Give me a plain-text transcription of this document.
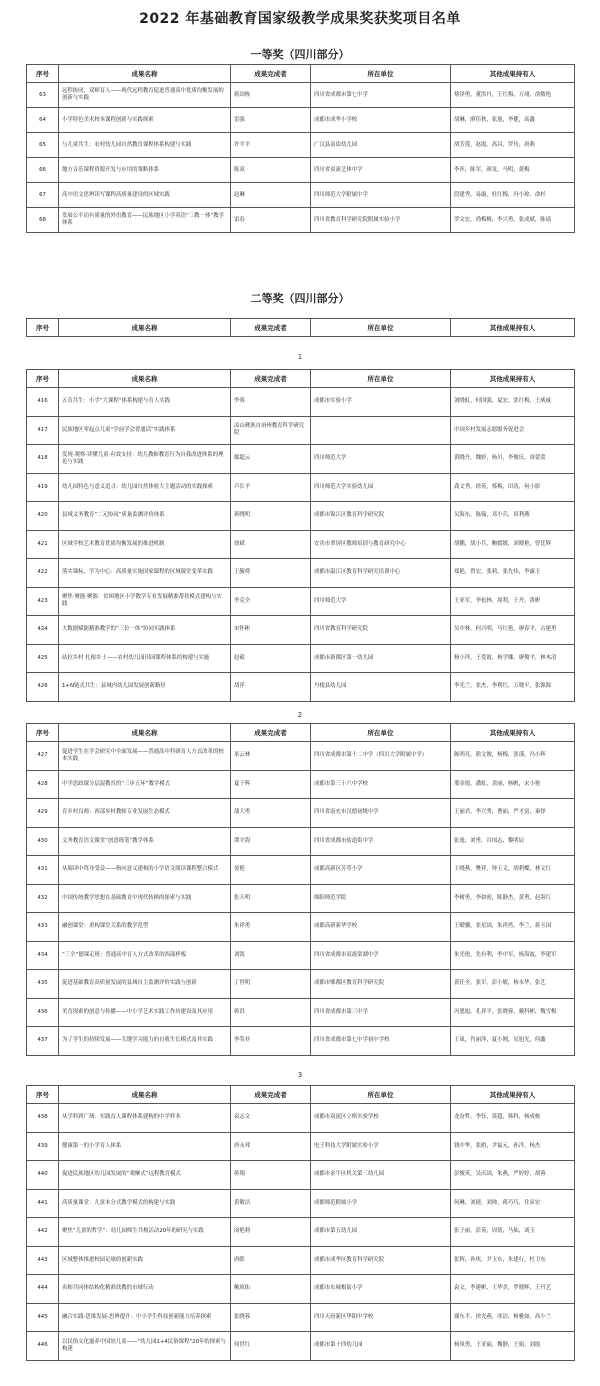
2022 年基础教育国家级教学成果奖获奖项目名单
一等奖（四川部分）
序号	成果名称	成果完成者	所在单位	其他成果持有人
63	远程协同，双师育人——现代远程教育促进普通高中优质均衡发展的创新与实践	蒋国栋	四川省成都市第七中学	蔡泽勇，董洪丹，王红梅，万翊，俞敏艳
64	小学特色美术校本课程创新与实践探索	雷强	成都市成华小学校	胡琳，廖佳秋，张旭，李健，高鑫
65	与儿童共生：农村幼儿园自然教育课程体系构建与实践	许平平	广汉县南街幼儿园	胡芳莲，赵霞，高昌，罗玲，唐燕
66	地方音乐课程资源开发与应用的策略体系	陈双	四川省双流艺体中学	李萍，陈军，颜龙，马明，黄梅
67	高中语文思辨读写课程高质量建设的区域实践	赵琳	四川师范大学附属中学	段建秀，易璇，杜红梅，冯小琼，俞杉
68	发展公平而有质量的外语教育——民族地区小学英语“三教一体”教学体系	雷春	四川省教育科学研究院附属实验小学	罗文宏，尚梅梅，李兴勇，张成斌，陈瑶
二等奖（四川部分）
序号	成果名称	成果完成者	所在单位	其他成果持有人
1
序号	成果名称	成果完成者	所在单位	其他成果持有人
416	五育共生：小学“大课程”体系构建与育人实践	李蓉	成都市实验小学	刘晓虹，何国强，夏宏，张红梅，王威威
417	民族地区零起点儿童“学前学会普通话”实践体系	凉山彝族自治州教育科学研究院		中国乡村发展志愿服务促进会
418	发现·观察·读懂儿童·有效支持：幼儿教师教育行为自我改进体系的理论与实践	鄢超云	四川师范大学	黄晓丹，魏婷，杨川，李俊庆，周蕾蕾
419	幼儿园特色与意义追寻：幼儿园自然体验大主题活动的实践探索	卢长平	四川师范大学实验幼儿园	龚文秀，徐英，蔡梅，田涛，何小影
420	县域义务教育“二元协同”质量监测评价体系	蒋晓明	成都市锦江区教育科学研究院	吴海东，陈翰，邓小兵，田利燕
421	区域学校艺术教育优质均衡发展的推进机制	徐斌	宜宾市翠屏区教师培训与教育研究中心	胡鹏，胡小兵，鲍媛媛，刘晓艳，曾廷辉
422	落实课标，学为中心：高质量实施国家课程的区域课堂变革实践	王毓舜	成都市温江区教育科学研究培训中心	郑艳，曾宏，张莉，张先伟，李露玉
423	聚焦·聚能·聚源：贫困地区小学数学专业发展精准帮扶模式建构与实践	李克全	四川师范大学	王亚军，李松林，周利，王丹，黄彬
424	大数据赋能精准教学的“三位一体”协同实践体系	宋怀彬	四川省教育科学研究院	吴中林，何兴明，马红艳，廖春平，古建勇
425	站位乡村 扎根乡土——农村幼儿园田园课程体系的构建与实施	赵毅	成都市新都区第一幼儿园	杨小萍，王爱霞，杨学娜，廖俊平，林木清
426	1+N链式共生：县域内幼儿园发展创新路径	胡萍	丹棱县幼儿园	李光兰，张杰，李利红，万晓平，张源源
2
序号	成果名称	成果完成者	所在单位	其他成果持有人
427	促进学生在学会研究中全面发展——普通高中科研育人方式改革的校本实践	米云林	四川省成都市第十二中学（四川大学附属中学）	陈明亮，熊文俊，杨梅，张谨，冯小辉
428	中学思政课分层混教育的“三步五环”教学模式	夏于辉	成都市第三十六中学校	邢金霞，潘虹，余丽，杨帆，宋小艳
429	育乡村良师：西部乡村教师专业发展生态模式	蒲大勇	四川省南充市汉德初级中学	王丽君，李兴秀，曹丽，严才富，秦怿
430	义务教育语文课堂“创意练笔”教学体系	谭平海	四川省成都市盐道街中学	张逸，刘勇，谷国志，黎明辰
431	从阅读中终身受益——指向意义建构的小学语文阅读课程整合模式	晏艳	成都高新区芳草小学	王晓燕，樊祥，钟玉文，胡碧蝶，林文红
432	中国传统教学思想在基础教育中现代转换的探索与实践	张天明	绵阳师范学院	李树勇，李如密，陈静杰，黄勇，赵海红
433	融创课堂：重构课堂关系的教学范型	朱祥勇	成都高新新华学校	王曜骥，张星国，朱祥然，李兰，蒋玉国
434	“三全”德课走班：普通高中育人方式改革的西部样板	刘凯	四川省成都市双流棠湖中学	朱光艳，先有利，李中军，杨海波，李建军
435	促进基础教育高质量发展的县域自主监测评价实践与创新	丁世明	成都市郫都区教育科学研究院	黄任全，张军，彭小敏，杨永华，张艺
436	美育探索的创意与传播——中小学艺术实践工作坊建设及其应用	蒋洪	四川省成都市第三中学	冯恩旭，孔祥平，张晓蓉，戴科彬，魏雪梅
437	为了学生的持续发展——关键学习能力的自我生长模式及其实践	李笑非	四川省成都市第七中学初中学校	王岚，肖丽萍，夏小刚，吴旭光，何鑫
3
序号	成果名称	成果完成者	所在单位	其他成果持有人
438	从学科到广域：实践育人课程体系建构的中学样本	袁志文	成都市双流区立格实验学校	龙奋哲，李钰，黄超，韩科，杨成栋
439	健康第一的小学育人体系	唐永邦	电子科技大学附属实验小学	钱中华，张鸥，尹福元，孙洋，杨杰
440	促进民族地区幼儿园发展的“观摩式”远程教育模式	蒋翔	成都市金牛区机关第三幼儿园	彭俊英，吴庆国，朱燕，严婷婷，胡蓉
441	高质量课堂：儿童本分式教学模式的构建与实践	黄敏洁	成都师范附属小学	何琳，刘捷，刘帅，蒋巧巧，住彦宏
442	聚焦“儿童的哲学”：幼儿园师生共构活动20年的研究与实践	闵艳莉	成都市第五幼儿园	张子丽，彭英，周倩，马仙，刘玉
443	区域整体推进校园足球的创新实践	唐皓	成都市成华区教育科学研究院	张辉，孙侠，尹玉东，朱建行，杜卫东
444	名师共同体结构化精准扶教的市域行动	鲍琼佑	成都市东城根街小学	袁文，李建彬，王华美，罗晓辉，王丹艺
445	融合实践-思维发展-思辨提升：中小学生科技创新能力培养探索	张晓蓉	四川天府新区华阳中学校	谢东平，徐光燕，冰洁，杨雅如，高小兰
446	以民俗文化滋养中国娃儿童——“幼儿园1+4民俗课程”20年的探索与构建	何世红	成都市第十四幼儿园	杨凤勇，王亚丽，魏静，王娟，刘霞
